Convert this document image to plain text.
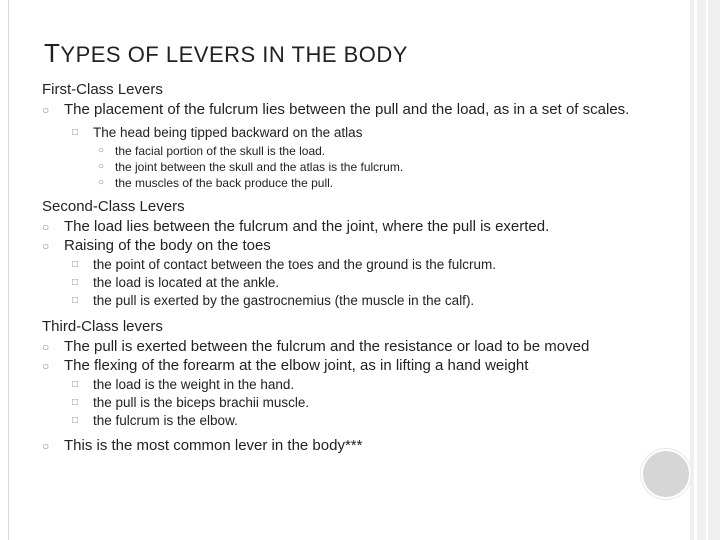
TYPES OF LEVERS IN THE BODY
First-Class Levers
○ The placement of the fulcrum lies between the pull and the load, as in a set of scales.
□ The head being tipped backward on the atlas
○ the facial portion of the skull is the load.
○ the joint between the skull and the atlas is the fulcrum.
○ the muscles of the back produce the pull.
Second-Class Levers
○ The load lies between the fulcrum and the joint, where the pull is exerted.
○ Raising of the body on the toes
□ the point of contact between the toes and the ground is the fulcrum.
□ the load is located at the ankle.
□ the pull is exerted by the gastrocnemius (the muscle in the calf).
Third-Class levers
○ The pull is exerted between the fulcrum and the resistance or load to be moved
○ The flexing of the forearm at the elbow joint, as in lifting a hand weight
□ the load is the weight in the hand.
□ the pull is the biceps brachii muscle.
□ the fulcrum is the elbow.
○ This is the most common lever in the body***
